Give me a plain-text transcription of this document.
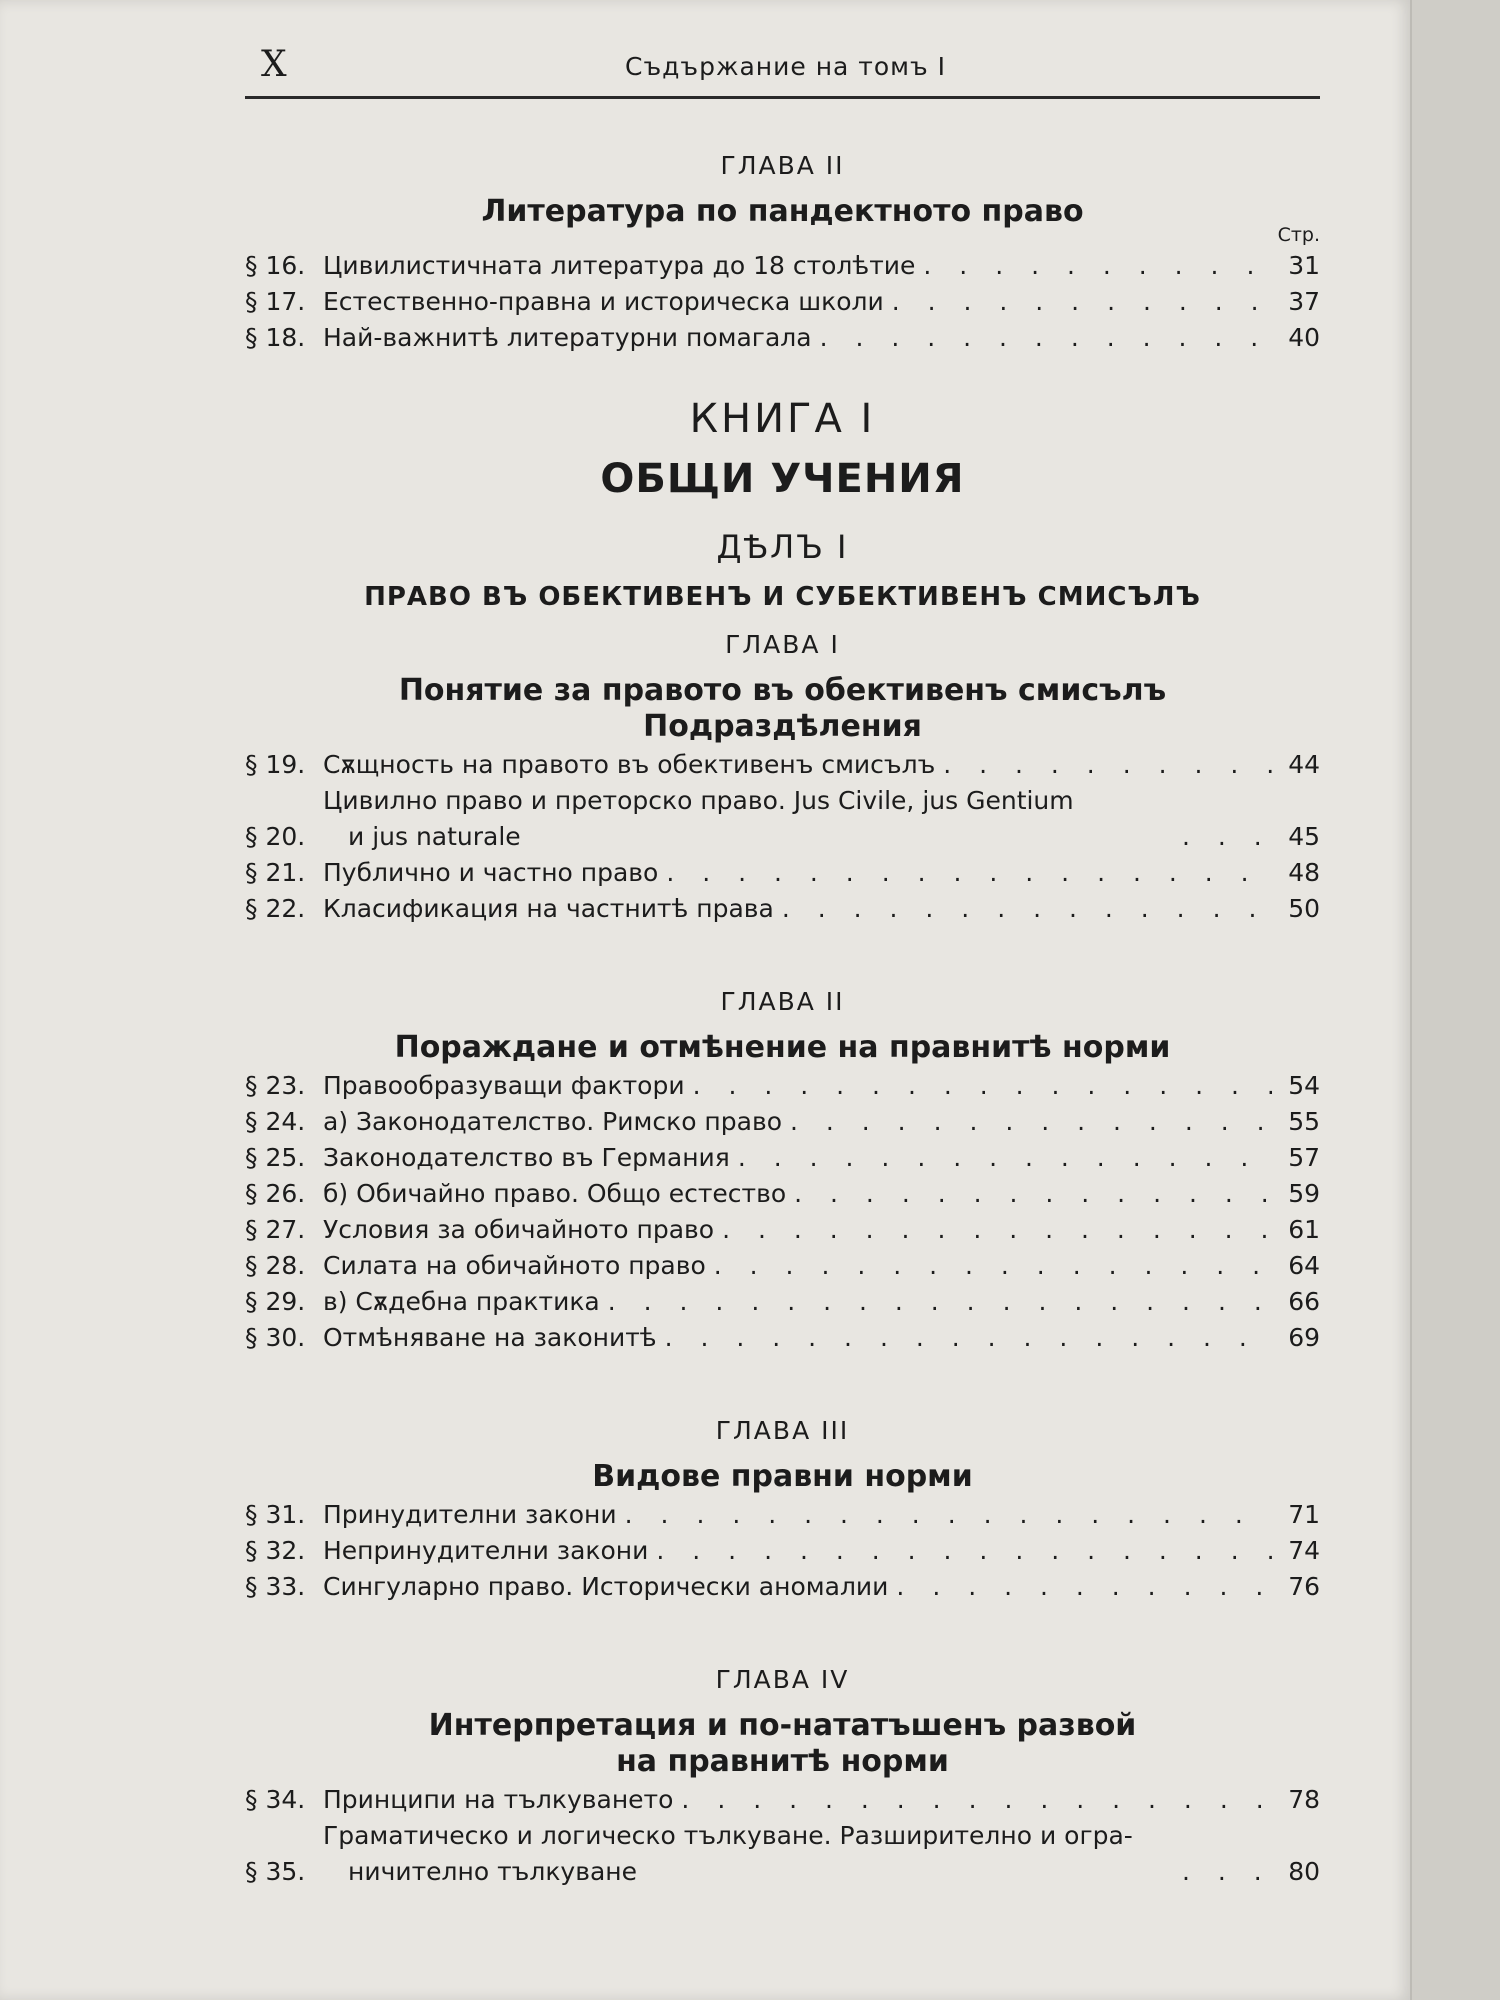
X	Съдържание на томъ I
ГЛАВА II
Литература по пандектното право
Стр.
§ 16. Цивилистичната литература до 18 столѣтие . . .	31
§ 17. Естественно-правна и историческа школи . . .	37
§ 18. Най-важнитѣ литературни помагала . . .	40
КНИГА I
ОБЩИ УЧЕНИЯ
ДѢЛЪ I
ПРАВО ВЪ ОБЕКТИВЕНЪ И СУБЕКТИВЕНЪ СМИСЪЛЪ
ГЛАВА I
Понятие за правото въ обективенъ смисълъ
Подраздѣления
§ 19. Сѫщность на правото въ обективенъ смисълъ . . .	44
§ 20.
Цивилно право и преторско право. Jus Civile, jus Gentium
и jus naturale . . .	45
§ 21. Публично и частно право . . .	48
§ 22. Класификация на частнитѣ права . . .	50
ГЛАВА II
Пораждане и отмѣнение на правнитѣ норми
§ 23. Правообразуващи фактори . . .	54
§ 24. а) Законодателство. Римско право . . .	55
§ 25. Законодателство въ Германия . . .	57
§ 26. б) Обичайно право. Общо естество . . .	59
§ 27. Условия за обичайното право . . .	61
§ 28. Силата на обичайното право . . .	64
§ 29. в) Сѫдебна практика . . .	66
§ 30. Отмѣняване на законитѣ . . .	69
ГЛАВА III
Видове правни норми
§ 31. Принудителни закони . . .	71
§ 32. Непринудителни закони . . .	74
§ 33. Сингуларно право. Исторически аномалии . . .	76
ГЛАВА IV
Интерпретация и по-нататъшенъ развой
на правнитѣ норми
§ 34. Принципи на тълкуването . . .	78
§ 35.
Граматическо и логическо тълкуване. Разширително и огра-
ничително тълкуване . . .	80
